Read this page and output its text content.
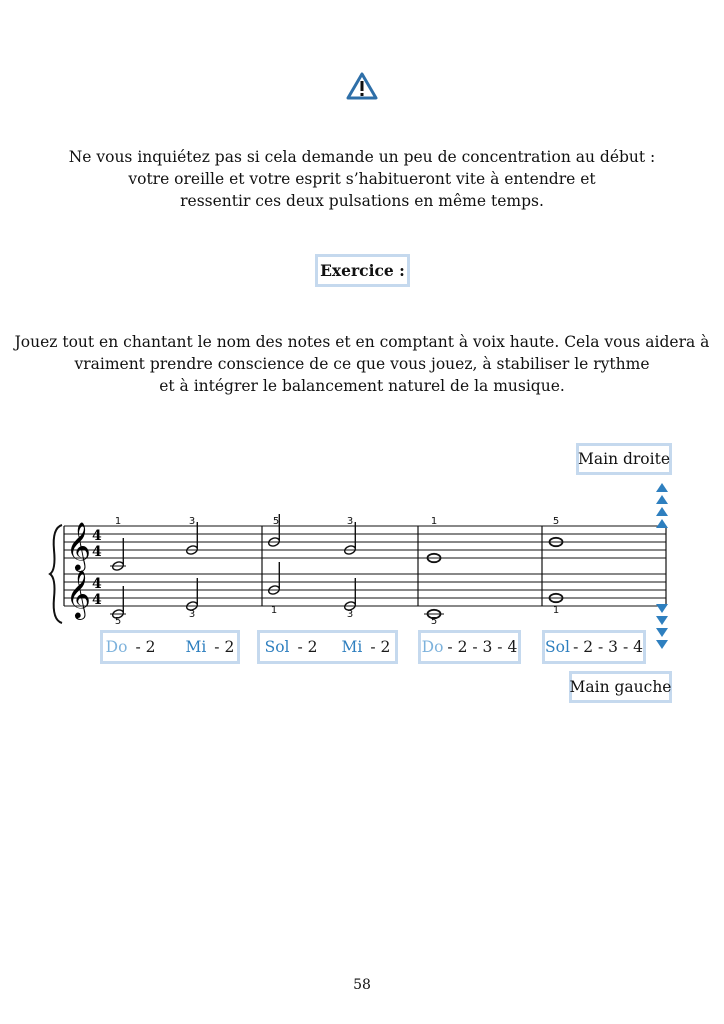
Ne vous inquiétez pas si cela demande un peu de concentration au début :
votre oreille et votre esprit s’habitueront vite à entendre et
ressentir ces deux pulsations en même temps.
Exercice :
Jouez tout en chantant le nom des notes et en comptant à voix haute. Cela vous aidera à
vraiment prendre conscience de ce que vous jouez, à stabiliser le rythme
et à intégrer le balancement naturel de la musique.
Main droite
𝄞
𝄞
4
4
4
4
1	3	5	3	1	5
5
3	1	3
5
1
Do - 2 Mi - 2 Sol - 2 Mi - 2 Do - 2 - 3 - 4 Sol - 2 - 3 - 4
Main gauche
58
